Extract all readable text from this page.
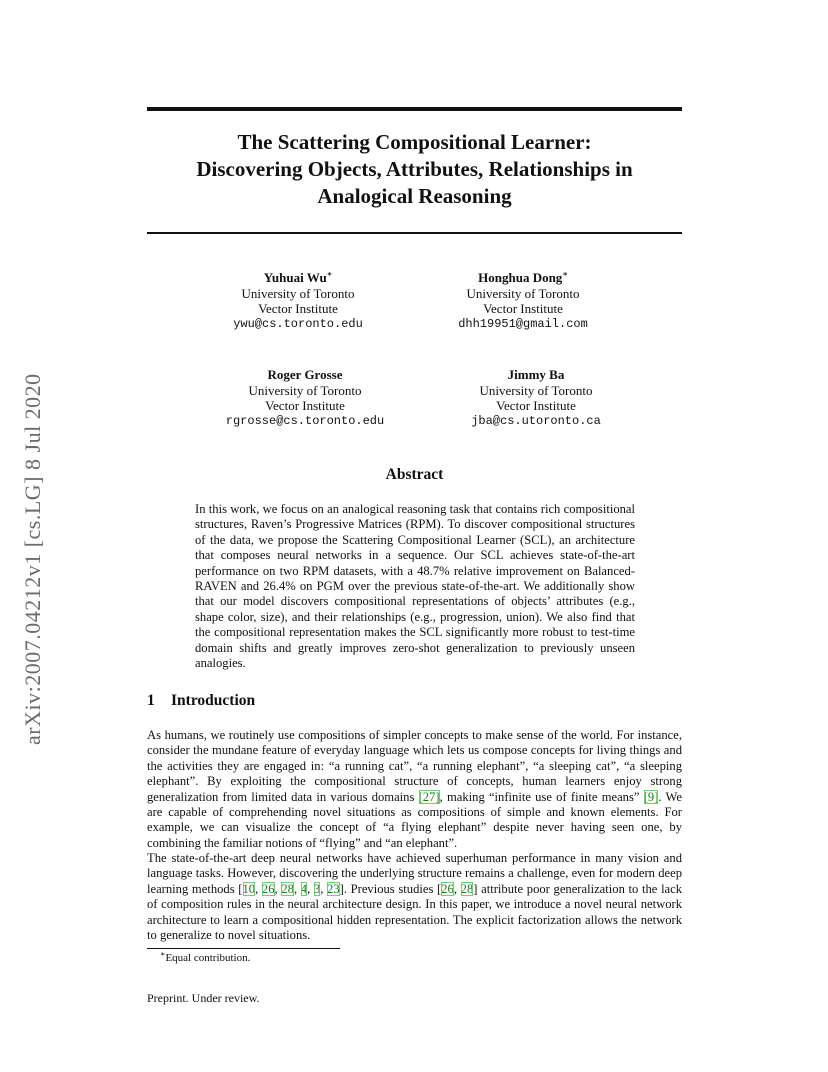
arXiv:2007.04212v1 [cs.LG] 8 Jul 2020
The Scattering Compositional Learner:
Discovering Objects, Attributes, Relationships in
Analogical Reasoning
Yuhuai Wu∗
University of Toronto
Vector Institute
ywu@cs.toronto.edu
Honghua Dong∗
University of Toronto
Vector Institute
dhh19951@gmail.com
Roger Grosse
University of Toronto
Vector Institute
rgrosse@cs.toronto.edu
Jimmy Ba
University of Toronto
Vector Institute
jba@cs.utoronto.ca
Abstract
In this work, we focus on an analogical reasoning task that contains rich compositional structures, Raven’s Progressive Matrices (RPM). To discover compositional structures of the data, we propose the Scattering Compositional Learner (SCL), an architecture that composes neural networks in a sequence. Our SCL achieves state-of-the-art performance on two RPM datasets, with a 48.7% relative improvement on Balanced-RAVEN and 26.4% on PGM over the previous state-of-the-art. We additionally show that our model discovers compositional representations of objects’ attributes (e.g., shape color, size), and their relationships (e.g., progression, union). We also find that the compositional representation makes the SCL significantly more robust to test-time domain shifts and greatly improves zero-shot generalization to previously unseen analogies.
1 Introduction
As humans, we routinely use compositions of simpler concepts to make sense of the world. For instance, consider the mundane feature of everyday language which lets us compose concepts for living things and the activities they are engaged in: “a running cat”, “a running elephant”, “a sleeping cat”, “a sleeping elephant”. By exploiting the compositional structure of concepts, human learners enjoy strong generalization from limited data in various domains [27], making “infinite use of finite means” [9]. We are capable of comprehending novel situations as compositions of simple and known elements. For example, we can visualize the concept of “a flying elephant” despite never having seen one, by combining the familiar notions of “flying” and “an elephant”.
The state-of-the-art deep neural networks have achieved superhuman performance in many vision and language tasks. However, discovering the underlying structure remains a challenge, even for modern deep learning methods [10, 26, 28, 4, 3, 23]. Previous studies [26, 28] attribute poor generalization to the lack of composition rules in the neural architecture design. In this paper, we introduce a novel neural network architecture to learn a compositional hidden representation. The explicit factorization allows the network to generalize to novel situations.
∗Equal contribution.
Preprint. Under review.
